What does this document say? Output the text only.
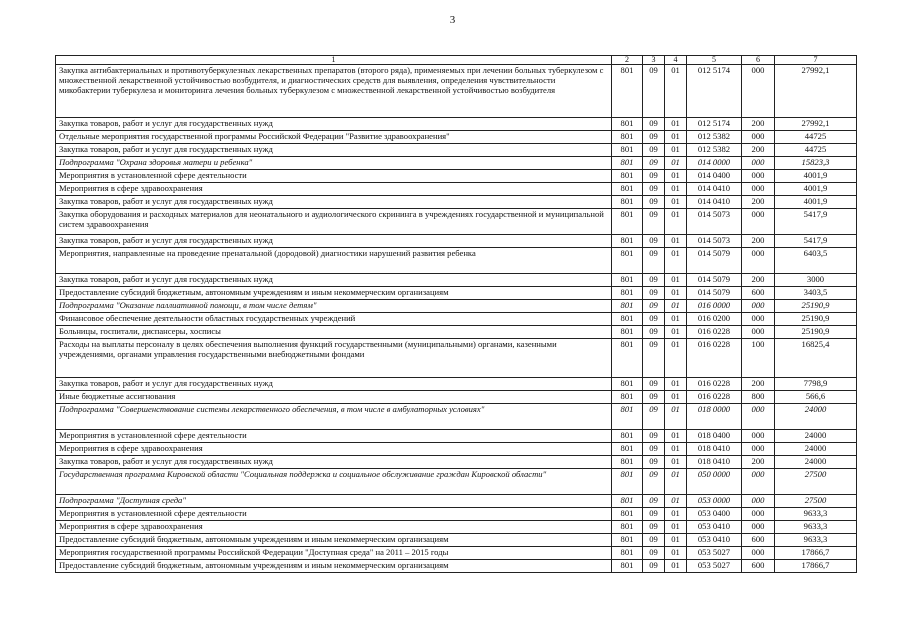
3
1	2	3	4	5	6	7
Закупка антибактериальных и противотуберкулезных лекарственных препаратов (второго ряда), применяемых при лечении больных туберкулезом с множественной лекарственной устойчивостью возбудителя, и диагностических средств для выявления, определения чувствительности микобактерии туберкулеза и мониторинга лечения больных туберкулезом с множественной лекарственной устойчивостью возбудителя	801	09	01	012 5174	000	27992,1
Закупка товаров, работ и услуг для государственных нужд	801	09	01	012 5174	200	27992,1
Отдельные мероприятия государственной программы Российской Федерации "Развитие здравоохранения"	801	09	01	012 5382	000	44725
Закупка товаров, работ и услуг для государственных нужд	801	09	01	012 5382	200	44725
Подпрограмма "Охрана здоровья матери и ребенка"	801	09	01	014 0000	000	15823,3
Мероприятия в установленной сфере деятельности	801	09	01	014 0400	000	4001,9
Мероприятия в сфере здравоохранения	801	09	01	014 0410	000	4001,9
Закупка товаров, работ и услуг для государственных нужд	801	09	01	014 0410	200	4001,9
Закупка оборудования и расходных материалов для неонатального и аудиологического скрининга в учреждениях государственной и муниципальной систем здравоохранения	801	09	01	014 5073	000	5417,9
Закупка товаров, работ и услуг для государственных нужд	801	09	01	014 5073	200	5417,9
Мероприятия, направленные на проведение пренатальной (дородовой) диагностики нарушений развития ребенка	801	09	01	014 5079	000	6403,5
Закупка товаров, работ и услуг для государственных нужд	801	09	01	014 5079	200	3000
Предоставление субсидий бюджетным, автономным учреждениям и иным некоммерческим организациям	801	09	01	014 5079	600	3403,5
Подпрограмма "Оказание паллиативной помощи, в том числе детям"	801	09	01	016 0000	000	25190,9
Финансовое обеспечение деятельности областных государственных учреждений	801	09	01	016 0200	000	25190,9
Больницы, госпитали, диспансеры, хосписы	801	09	01	016 0228	000	25190,9
Расходы на выплаты персоналу в целях обеспечения выполнения функций государственными (муниципальными) органами, казенными учреждениями, органами управления государственными внебюджетными фондами	801	09	01	016 0228	100	16825,4
Закупка товаров, работ и услуг для государственных нужд	801	09	01	016 0228	200	7798,9
Иные бюджетные ассигнования	801	09	01	016 0228	800	566,6
Подпрограмма "Совершенствование системы лекарственного обеспечения, в том числе в амбулаторных условиях"	801	09	01	018 0000	000	24000
Мероприятия в установленной сфере деятельности	801	09	01	018 0400	000	24000
Мероприятия в сфере здравоохранения	801	09	01	018 0410	000	24000
Закупка товаров, работ и услуг для государственных нужд	801	09	01	018 0410	200	24000
Государственная программа Кировской области "Социальная поддержка и социальное обслуживание граждан Кировской области"	801	09	01	050 0000	000	27500
Подпрограмма "Доступная среда"	801	09	01	053 0000	000	27500
Мероприятия в установленной сфере деятельности	801	09	01	053 0400	000	9633,3
Мероприятия в сфере здравоохранения	801	09	01	053 0410	000	9633,3
Предоставление субсидий бюджетным, автономным учреждениям и иным некоммерческим организациям	801	09	01	053 0410	600	9633,3
Мероприятия государственной программы Российской Федерации "Доступная среда" на 2011 – 2015 годы	801	09	01	053 5027	000	17866,7
Предоставление субсидий бюджетным, автономным учреждениям и иным некоммерческим организациям	801	09	01	053 5027	600	17866,7
